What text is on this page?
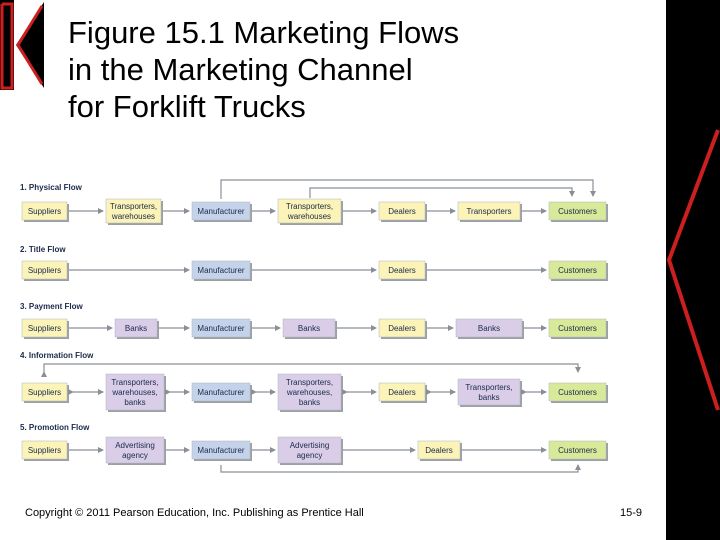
Figure 15.1 Marketing Flows
in the Marketing Channel
for Forklift Trucks
1. Physical Flow
Suppliers
Transporters,
warehouses
Manufacturer
Transporters,
warehouses
Dealers	Transporters	Customers
2. Title Flow
Suppliers	Manufacturer	Dealers	Customers
3. Payment Flow
Suppliers	Banks	Manufacturer	Banks	Dealers	Banks	Customers
4. Information Flow
Suppliers
Transporters,
warehouses,
banks
Manufacturer
Transporters,
warehouses,
banks
Dealers
Transporters,
banks
Customers
5. Promotion Flow
Suppliers
Advertising
agency
Manufacturer
Advertising
agency
Dealers	Customers
Copyright © 2011 Pearson Education, Inc. Publishing as Prentice Hall	15-9
